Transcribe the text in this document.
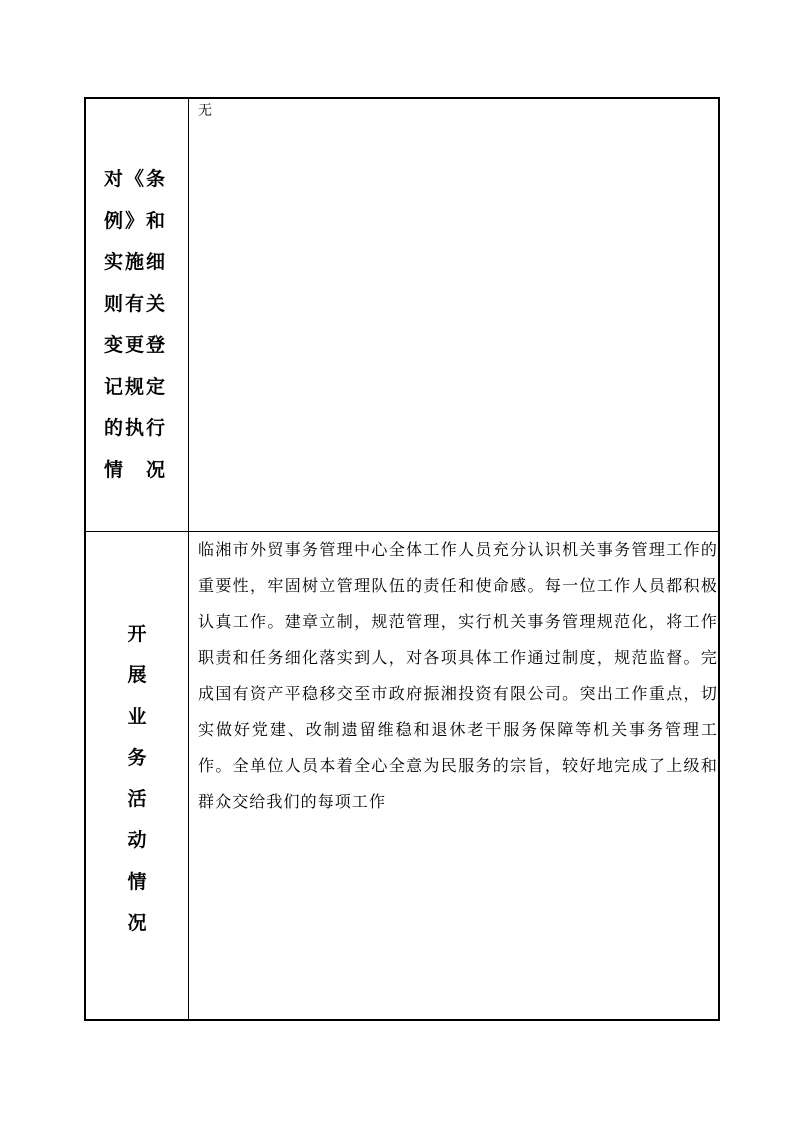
对《条
例》和
实施细
则有关
变更登
记规定
的执行
情　况
无
开
展
业
务
活
动
情
况
临湘市外贸事务管理中心全体工作人员充分认识机关事务管理工作的重要性，牢固树立管理队伍的责任和使命感。每一位工作人员都积极认真工作。建章立制，规范管理，实行机关事务管理规范化，将工作职责和任务细化落实到人，对各项具体工作通过制度，规范监督。完成国有资产平稳移交至市政府振湘投资有限公司。突出工作重点，切实做好党建、改制遗留维稳和退休老干服务保障等机关事务管理工作。全单位人员本着全心全意为民服务的宗旨，较好地完成了上级和群众交给我们的每项工作
